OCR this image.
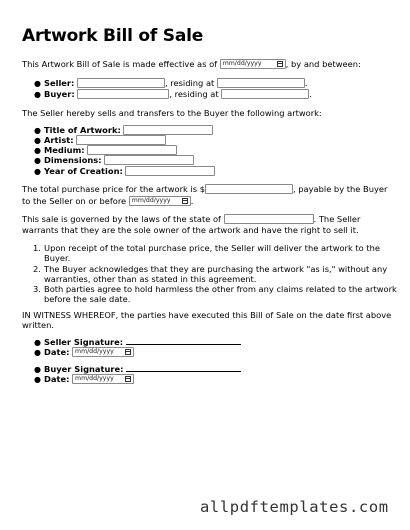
Artwork Bill of Sale
This Artwork Bill of Sale is made effective as of mm/dd/yyyy	, by and between:
● Seller:	, residing at	.
● Buyer:	, residing at	.
The Seller hereby sells and transfers to the Buyer the following artwork:
● Title of Artwork:
● Artist:
● Medium:
● Dimensions:
● Year of Creation:
The total purchase price for the artwork is $	, payable by the Buyer
to the Seller on or before mm/dd/yyyy .
This sale is governed by the laws of the state of	. The Seller
warrants that they are the sole owner of the artwork and have the right to sell it.
1. Upon receipt of the total purchase price, the Seller will deliver the artwork to the
Buyer.
2. The Buyer acknowledges that they are purchasing the artwork "as is," without any
warranties, other than as stated in this agreement.
3. Both parties agree to hold harmless the other from any claims related to the artwork
before the sale date.
IN WITNESS WHEREOF, the parties have executed this Bill of Sale on the date first above
written.
● Seller Signature:
● Date: mm/dd/yyyy
● Buyer Signature:
● Date: mm/dd/yyyy
allpdftemplates.com
